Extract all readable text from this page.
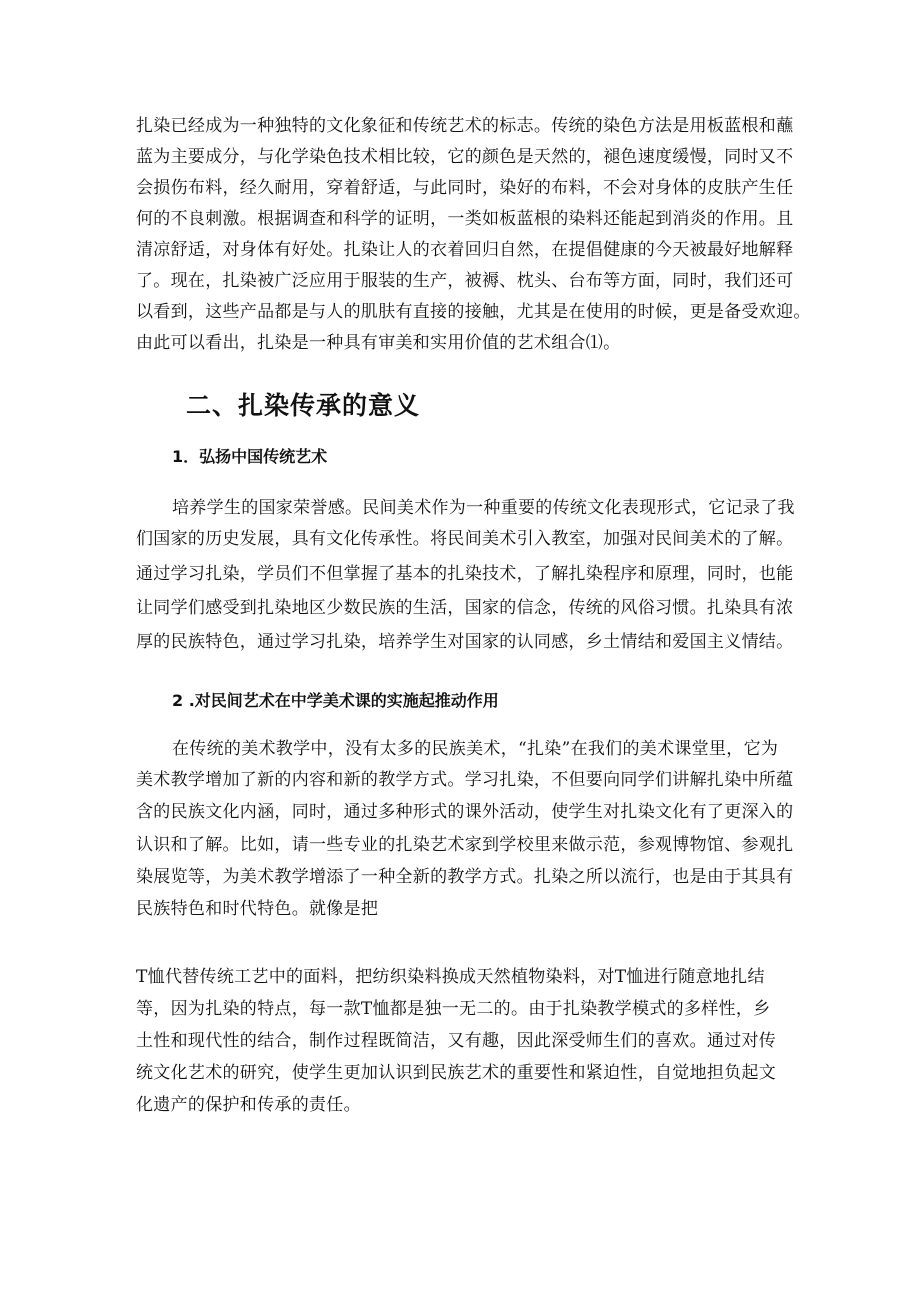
扎染已经成为一种独特的文化象征和传统艺术的标志。传统的染色方法是用板蓝根和蘸
蓝为主要成分，与化学染色技术相比较，它的颜色是天然的，褪色速度缓慢，同时又不
会损伤布料，经久耐用，穿着舒适，与此同时，染好的布料，不会对身体的皮肤产生任
何的不良刺激。根据调查和科学的证明，一类如板蓝根的染料还能起到消炎的作用。且
清凉舒适，对身体有好处。扎染让人的衣着回归自然，在提倡健康的今天被最好地解释
了。现在，扎染被广泛应用于服装的生产，被褥、枕头、台布等方面，同时，我们还可
以看到，这些产品都是与人的肌肤有直接的接触，尤其是在使用的时候，更是备受欢迎。
由此可以看出，扎染是一种具有审美和实用价值的艺术组合⑴。
二、扎染传承的意义
1．弘扬中国传统艺术
培养学生的国家荣誉感。民间美术作为一种重要的传统文化表现形式，它记录了我
们国家的历史发展，具有文化传承性。将民间美术引入教室，加强对民间美术的了解。
通过学习扎染，学员们不但掌握了基本的扎染技术，了解扎染程序和原理，同时，也能
让同学们感受到扎染地区少数民族的生活，国家的信念，传统的风俗习惯。扎染具有浓
厚的民族特色，通过学习扎染，培养学生对国家的认同感，乡土情结和爱国主义情结。
2 .对民间艺术在中学美术课的实施起推动作用
在传统的美术教学中，没有太多的民族美术，“扎染”在我们的美术课堂里，它为
美术教学增加了新的内容和新的教学方式。学习扎染，不但要向同学们讲解扎染中所蕴
含的民族文化内涵，同时，通过多种形式的课外活动，使学生对扎染文化有了更深入的
认识和了解。比如，请一些专业的扎染艺术家到学校里来做示范，参观博物馆、参观扎
染展览等，为美术教学增添了一种全新的教学方式。扎染之所以流行，也是由于其具有
民族特色和时代特色。就像是把
T恤代替传统工艺中的面料，把纺织染料换成天然植物染料，对T恤进行随意地扎结
等，因为扎染的特点，每一款T恤都是独一无二的。由于扎染教学模式的多样性，乡
土性和现代性的结合，制作过程既简洁，又有趣，因此深受师生们的喜欢。通过对传
统文化艺术的研究，使学生更加认识到民族艺术的重要性和紧迫性，自觉地担负起文
化遗产的保护和传承的责任。
